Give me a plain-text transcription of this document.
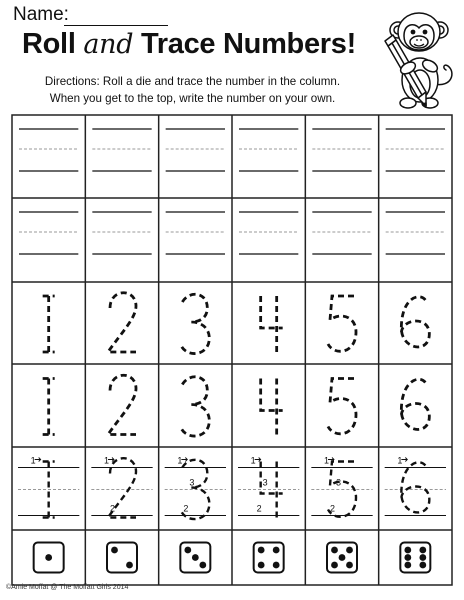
Name:
Roll and Trace Numbers!
Directions: Roll a die and trace the number in the column.
When you get to the top, write the number on your own.
1	1
2
1
2
3
1
2
3
1
2
3
1
©Amie Moffat @ The Moffatt Girls 2014
